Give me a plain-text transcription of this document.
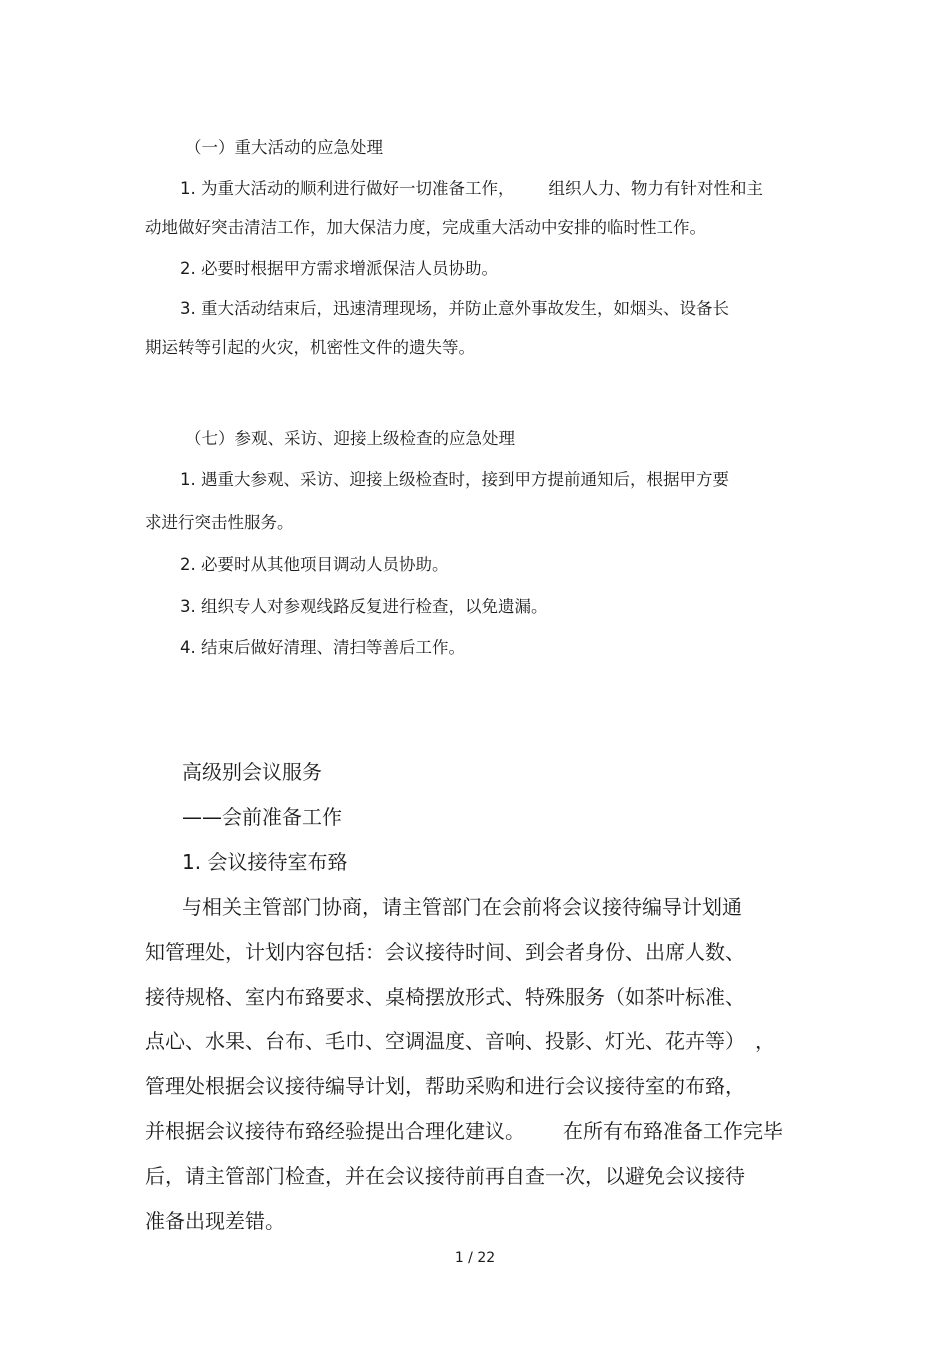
（一）重大活动的应急处理
1. 为重大活动的顺利进行做好一切准备工作， 组织人力、物力有针对性和主
动地做好突击清洁工作，加大保洁力度，完成重大活动中安排的临时性工作。
2. 必要时根据甲方需求增派保洁人员协助。
3. 重大活动结束后，迅速清理现场，并防止意外事故发生，如烟头、设备长
期运转等引起的火灾，机密性文件的遗失等。
（七）参观、采访、迎接上级检查的应急处理
1. 遇重大参观、采访、迎接上级检查时，接到甲方提前通知后，根据甲方要
求进行突击性服务。
2. 必要时从其他项目调动人员协助。
3. 组织专人对参观线路反复进行检查，以免遗漏。
4. 结束后做好清理、清扫等善后工作。
高级别会议服务
——会前准备工作
1. 会议接待室布臵
与相关主管部门协商，请主管部门在会前将会议接待编导计划通
知管理处，计划内容包括：会议接待时间、到会者身份、出席人数、
接待规格、室内布臵要求、桌椅摆放形式、特殊服务（如茶叶标准、
点心、水果、台布、毛巾、空调温度、音响、投影、灯光、花卉等） ，
管理处根据会议接待编导计划，帮助采购和进行会议接待室的布臵，
并根据会议接待布臵经验提出合理化建议。 在所有布臵准备工作完毕
后，请主管部门检查，并在会议接待前再自查一次，以避免会议接待
准备出现差错。
1 / 22
